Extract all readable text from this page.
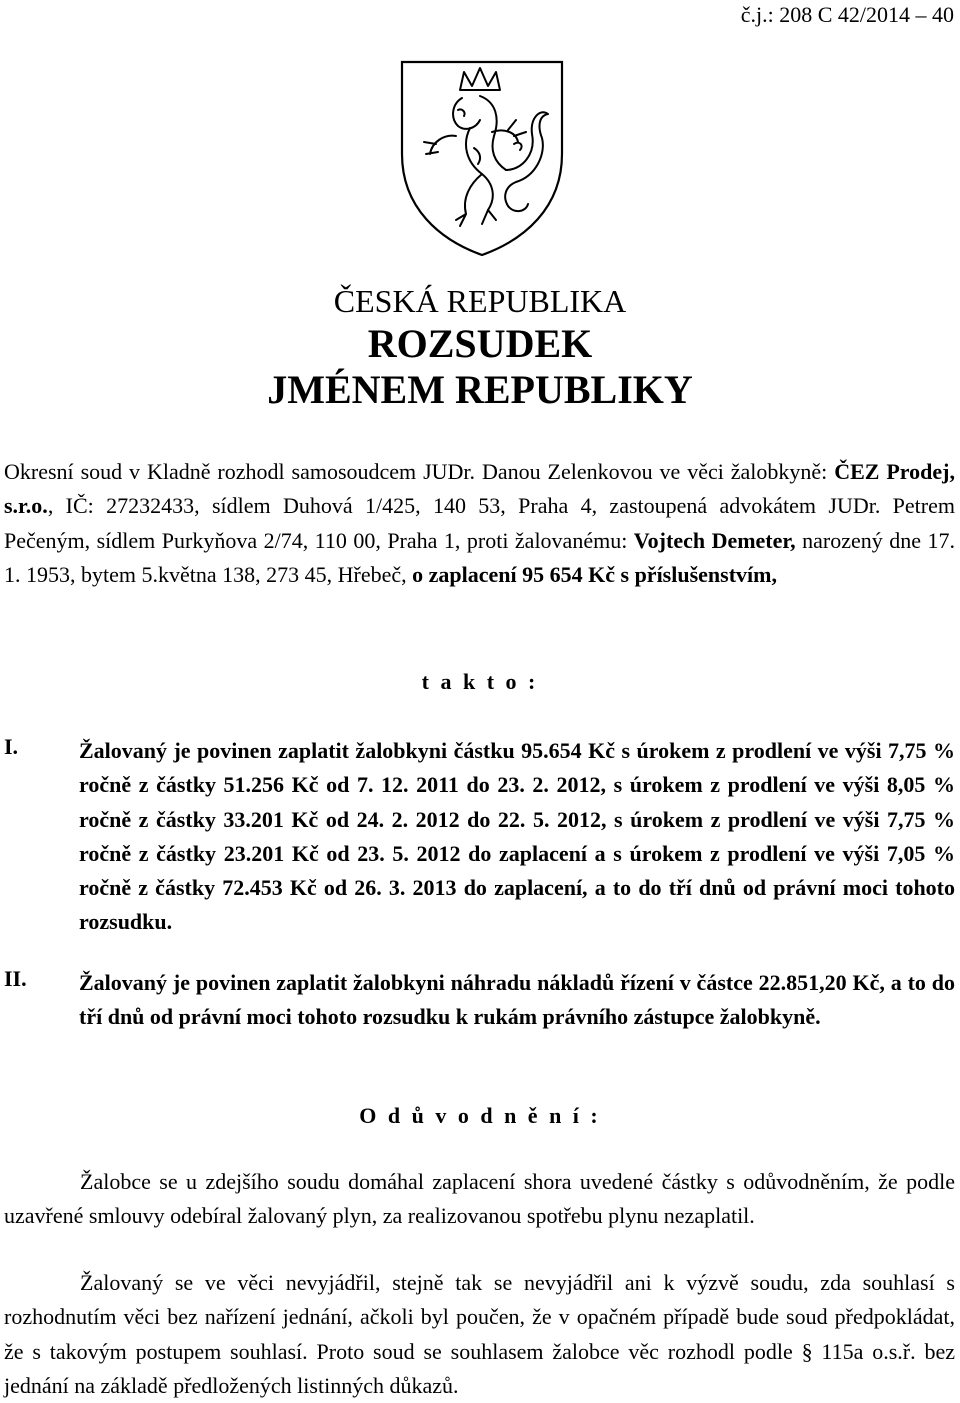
č.j.: 208 C 42/2014 – 40
ČESKÁ REPUBLIKA
ROZSUDEK
JMÉNEM REPUBLIKY
Okresní soud v Kladně rozhodl samosoudcem JUDr. Danou Zelenkovou ve věci žalobkyně: ČEZ Prodej, s.r.o., IČ: 27232433, sídlem Duhová 1/425, 140 53, Praha 4, zastoupená advokátem JUDr. Petrem Pečeným, sídlem Purkyňova 2/74, 110 00, Praha 1, proti žalovanému: Vojtech Demeter, narozený dne 17. 1. 1953, bytem 5.května 138, 273 45, Hřebeč, o zaplacení 95 654 Kč s příslušenstvím,
t a k t o :
I.	Žalovaný je povinen zaplatit žalobkyni částku 95.654 Kč s úrokem z prodlení ve výši 7,75 % ročně z částky 51.256 Kč od 7. 12. 2011 do 23. 2. 2012, s úrokem z prodlení ve výši 8,05 % ročně z částky 33.201 Kč od 24. 2. 2012 do 22. 5. 2012, s úrokem z prodlení ve výši 7,75 % ročně z částky 23.201 Kč od 23. 5. 2012 do zaplacení a s úrokem z prodlení ve výši 7,05 % ročně z částky 72.453 Kč od 26. 3. 2013 do zaplacení, a to do tří dnů od právní moci tohoto rozsudku.
II. Žalovaný je povinen zaplatit žalobkyni náhradu nákladů řízení v částce 22.851,20 Kč, a to do tří dnů od právní moci tohoto rozsudku k rukám právního zástupce žalobkyně.
O d ů v o d n ě n í :
Žalobce se u zdejšího soudu domáhal zaplacení shora uvedené částky s odůvodněním, že podle uzavřené smlouvy odebíral žalovaný plyn, za realizovanou spotřebu plynu nezaplatil.
Žalovaný se ve věci nevyjádřil, stejně tak se nevyjádřil ani k výzvě soudu, zda souhlasí s rozhodnutím věci bez nařízení jednání, ačkoli byl poučen, že v opačném případě bude soud předpokládat, že s takovým postupem souhlasí. Proto soud se souhlasem žalobce věc rozhodl podle § 115a o.s.ř. bez jednání na základě předložených listinných důkazů.
